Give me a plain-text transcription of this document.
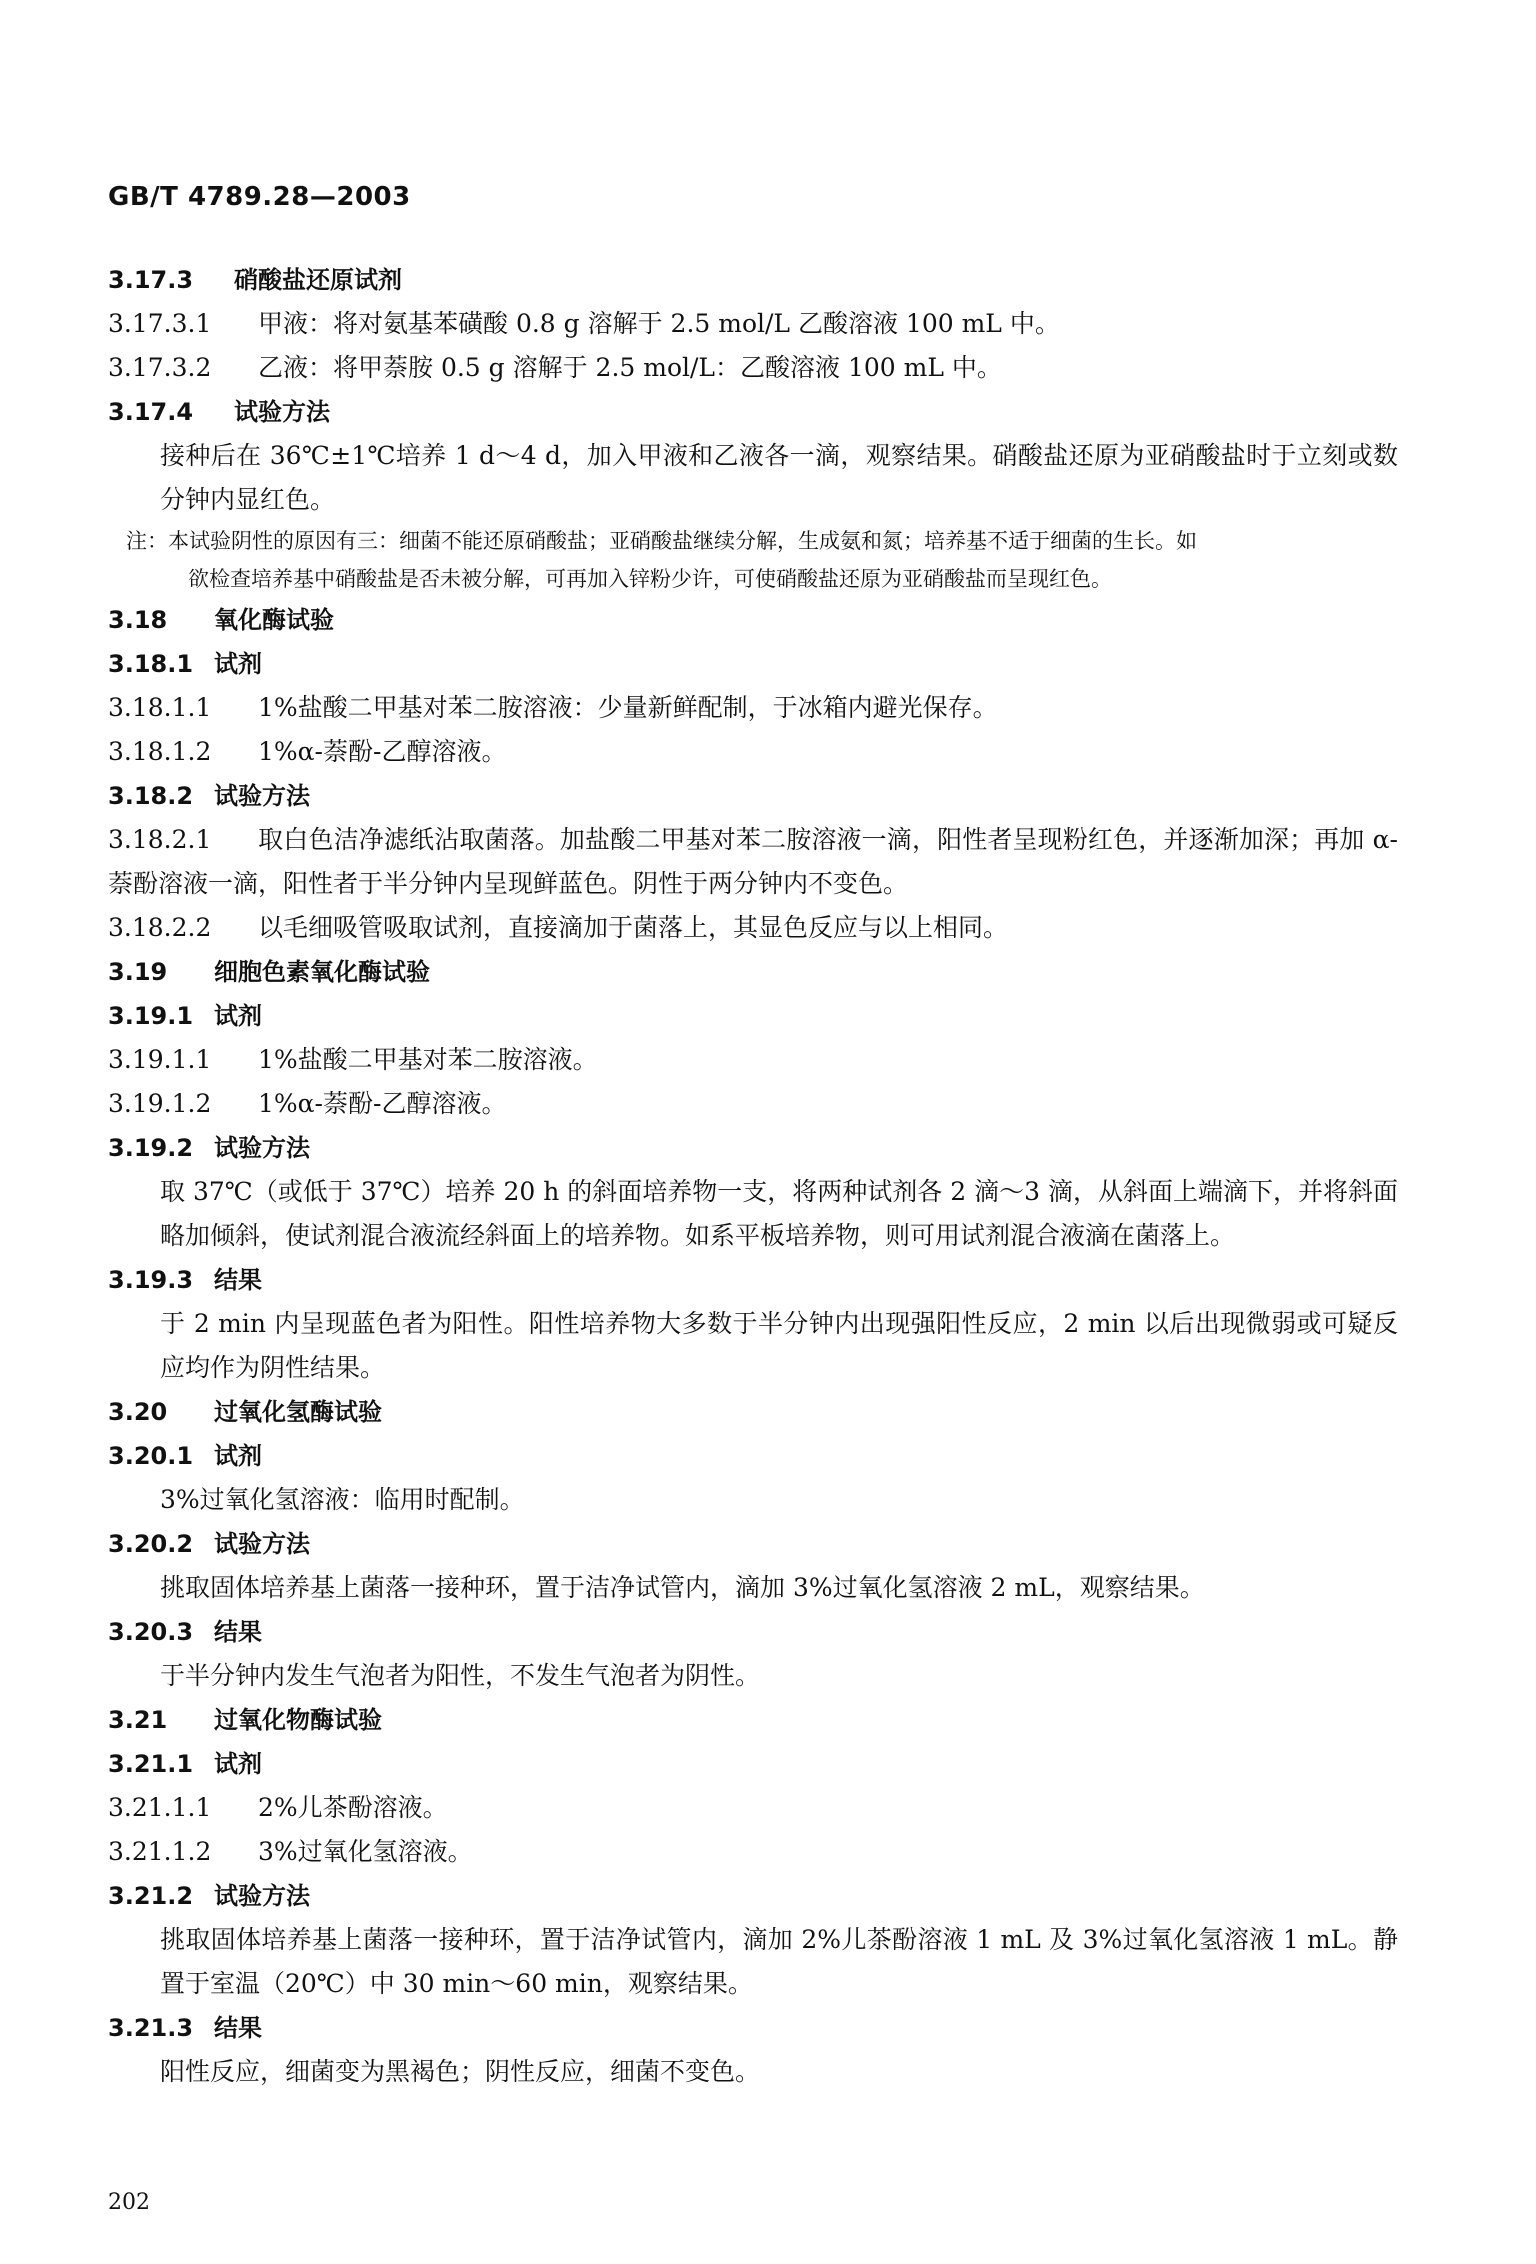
GB/T 4789.28—2003
3.17.3 硝酸盐还原试剂
3.17.3.1 甲液：将对氨基苯磺酸 0.8 g 溶解于 2.5 mol/L 乙酸溶液 100 mL 中。
3.17.3.2 乙液：将甲萘胺 0.5 g 溶解于 2.5 mol/L：乙酸溶液 100 mL 中。
3.17.4 试验方法
接种后在 36℃±1℃培养 1 d～4 d，加入甲液和乙液各一滴，观察结果。硝酸盐还原为亚硝酸盐时于立刻或数分钟内显红色。
注：本试验阴性的原因有三：细菌不能还原硝酸盐；亚硝酸盐继续分解，生成氨和氮；培养基不适于细菌的生长。如
欲检查培养基中硝酸盐是否未被分解，可再加入锌粉少许，可使硝酸盐还原为亚硝酸盐而呈现红色。
3.18 氧化酶试验
3.18.1 试剂
3.18.1.1 1%盐酸二甲基对苯二胺溶液：少量新鲜配制，于冰箱内避光保存。
3.18.1.2 1%α-萘酚-乙醇溶液。
3.18.2 试验方法
3.18.2.1 取白色洁净滤纸沾取菌落。加盐酸二甲基对苯二胺溶液一滴，阳性者呈现粉红色，并逐渐加深；再加 α-萘酚溶液一滴，阳性者于半分钟内呈现鲜蓝色。阴性于两分钟内不变色。
3.18.2.2 以毛细吸管吸取试剂，直接滴加于菌落上，其显色反应与以上相同。
3.19 细胞色素氧化酶试验
3.19.1 试剂
3.19.1.1 1%盐酸二甲基对苯二胺溶液。
3.19.1.2 1%α-萘酚-乙醇溶液。
3.19.2 试验方法
取 37℃（或低于 37℃）培养 20 h 的斜面培养物一支，将两种试剂各 2 滴～3 滴，从斜面上端滴下，并将斜面略加倾斜，使试剂混合液流经斜面上的培养物。如系平板培养物，则可用试剂混合液滴在菌落上。
3.19.3 结果
于 2 min 内呈现蓝色者为阳性。阳性培养物大多数于半分钟内出现强阳性反应，2 min 以后出现微弱或可疑反应均作为阴性结果。
3.20 过氧化氢酶试验
3.20.1 试剂
3%过氧化氢溶液：临用时配制。
3.20.2 试验方法
挑取固体培养基上菌落一接种环，置于洁净试管内，滴加 3%过氧化氢溶液 2 mL，观察结果。
3.20.3 结果
于半分钟内发生气泡者为阳性，不发生气泡者为阴性。
3.21 过氧化物酶试验
3.21.1 试剂
3.21.1.1 2%儿茶酚溶液。
3.21.1.2 3%过氧化氢溶液。
3.21.2 试验方法
挑取固体培养基上菌落一接种环，置于洁净试管内，滴加 2%儿茶酚溶液 1 mL 及 3%过氧化氢溶液 1 mL。静置于室温（20℃）中 30 min～60 min，观察结果。
3.21.3 结果
阳性反应，细菌变为黑褐色；阴性反应，细菌不变色。
202
